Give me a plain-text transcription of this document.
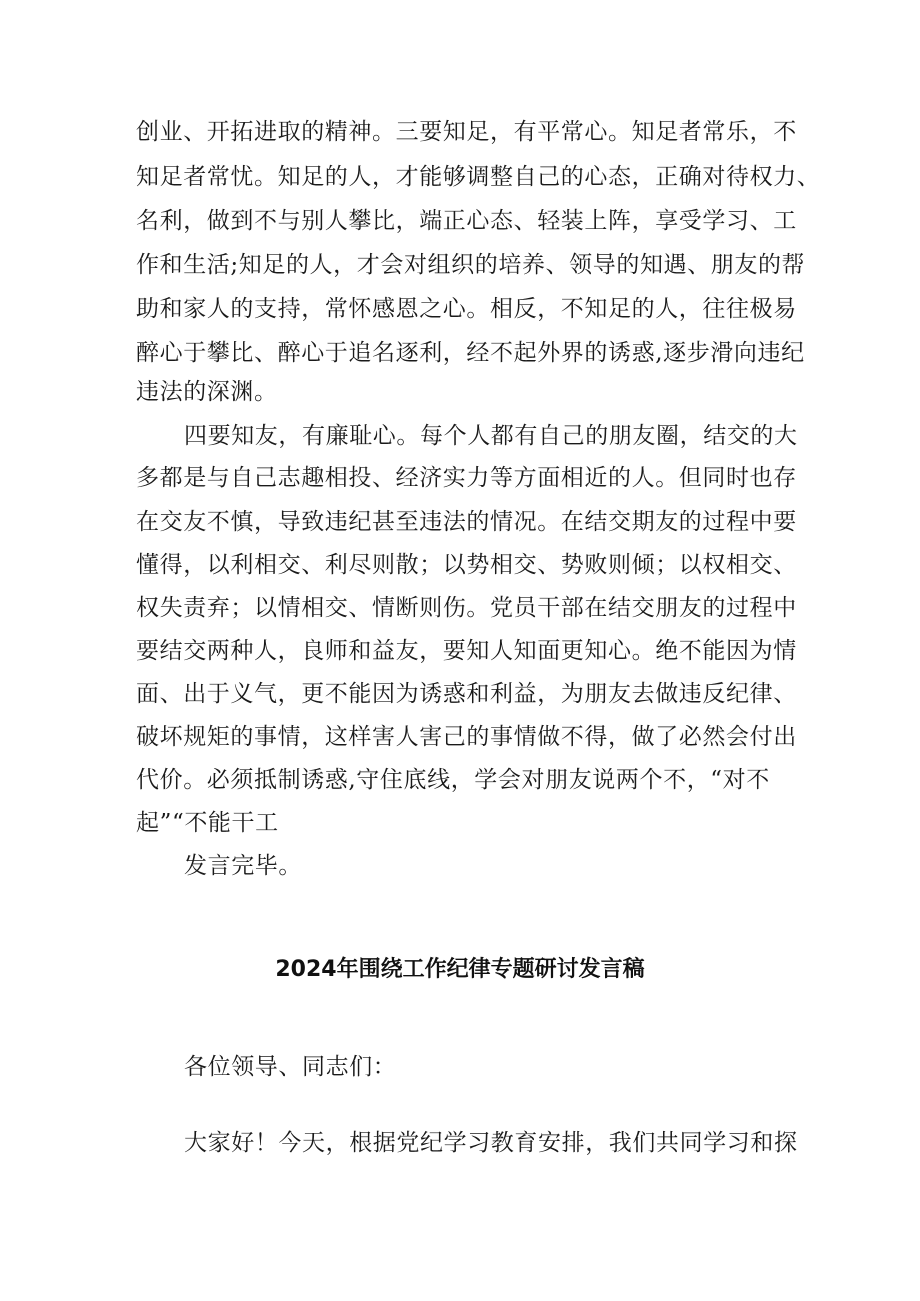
创业、开拓进取的精神。三要知足，有平常心。知足者常乐，不
知足者常忧。知足的人，才能够调整自己的心态，正确对待权力、
名利，做到不与别人攀比，端正心态、轻装上阵，享受学习、工
作和生活;知足的人，才会对组织的培养、领导的知遇、朋友的帮
助和家人的支持，常怀感恩之心。相反，不知足的人，往往极易
醉心于攀比、醉心于追名逐利，经不起外界的诱惑,逐步滑向违纪
违法的深渊。
四要知友，有廉耻心。每个人都有自己的朋友圈，结交的大
多都是与自己志趣相投、经济实力等方面相近的人。但同时也存
在交友不慎，导致违纪甚至违法的情况。在结交期友的过程中要
懂得，以利相交、利尽则散；以势相交、势败则倾；以权相交、
权失责弃；以情相交、情断则伤。党员干部在结交朋友的过程中
要结交两种人，良师和益友，要知人知面更知心。绝不能因为情
面、出于义气，更不能因为诱惑和利益，为朋友去做违反纪律、
破坏规矩的事情，这样害人害己的事情做不得，做了必然会付出
代价。必须抵制诱惑,守住底线，学会对朋友说两个不，“对不
起”“不能干工
发言完毕。
2024年围绕工作纪律专题研讨发言稿
各位领导、同志们：
大家好！今天，根据党纪学习教育安排，我们共同学习和探
